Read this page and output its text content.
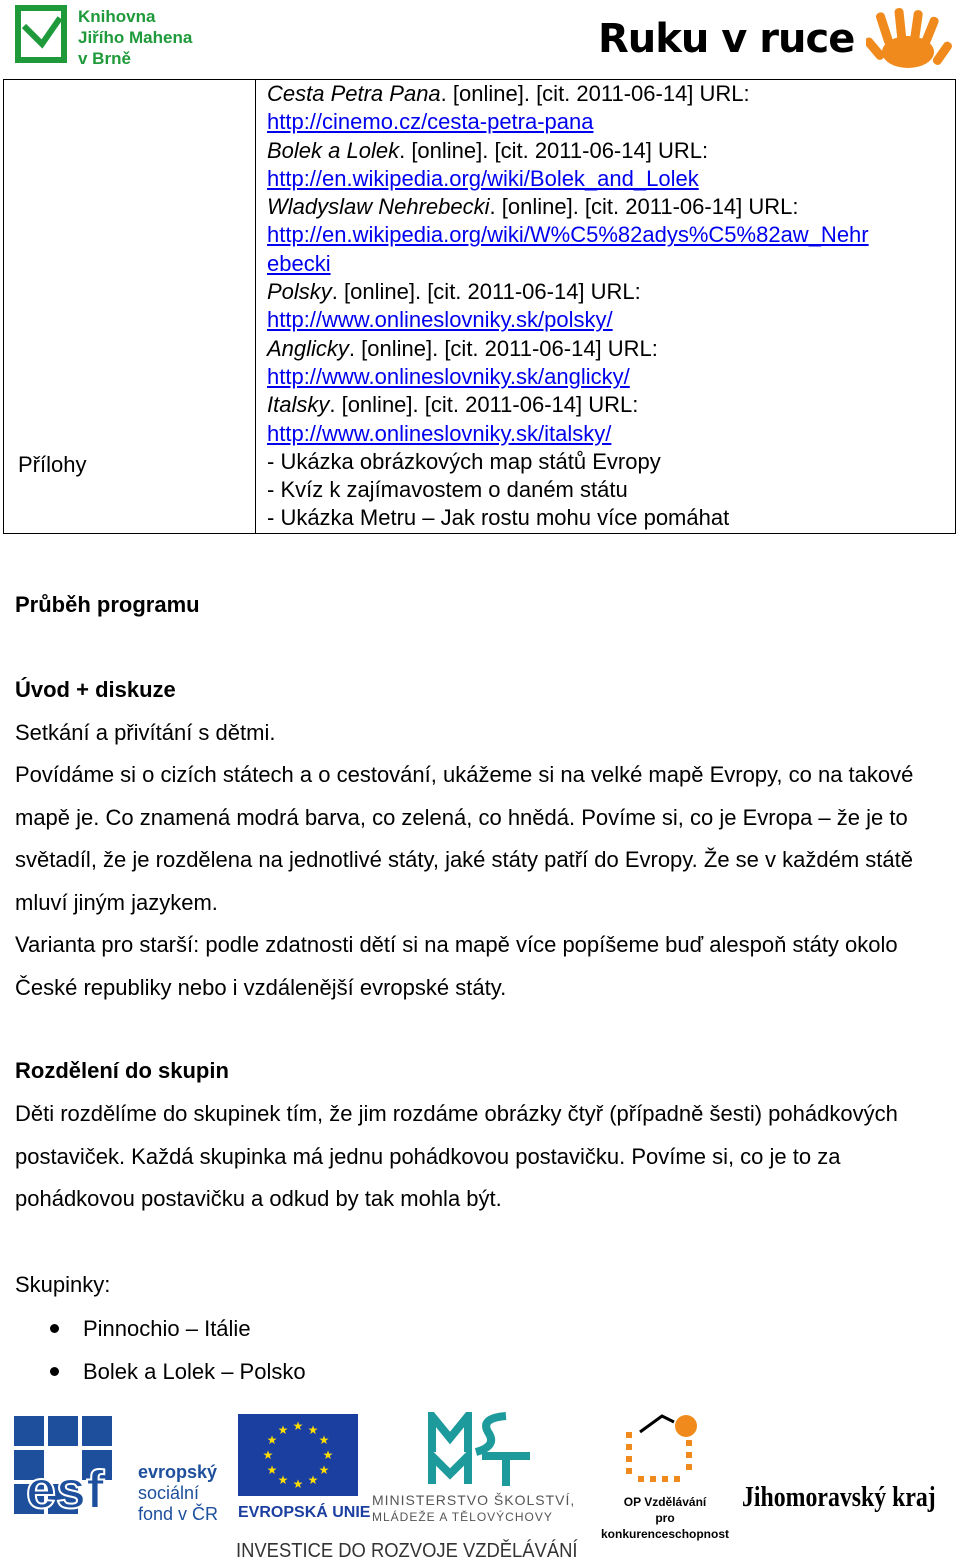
Knihovna
Jiřího Mahena
v Brně	Ruku v ruce
Přílohy
Cesta Petra Pana. [online]. [cit. 2011-06-14] URL:
http://cinemo.cz/cesta-petra-pana
Bolek a Lolek. [online]. [cit. 2011-06-14] URL:
http://en.wikipedia.org/wiki/Bolek_and_Lolek
Wladyslaw Nehrebecki. [online]. [cit. 2011-06-14] URL:
http://en.wikipedia.org/wiki/W%C5%82adys%C5%82aw_Nehr
ebecki
Polsky. [online]. [cit. 2011-06-14] URL:
http://www.onlineslovniky.sk/polsky/
Anglicky. [online]. [cit. 2011-06-14] URL:
http://www.onlineslovniky.sk/anglicky/
Italsky. [online]. [cit. 2011-06-14] URL:
http://www.onlineslovniky.sk/italsky/
- Ukázka obrázkových map států Evropy
- Kvíz k zajímavostem o daném státu
- Ukázka Metru – Jak rostu mohu více pomáhat
Průběh programu
Úvod + diskuze
Setkání a přivítání s dětmi.
Povídáme si o cizích státech a o cestování, ukážeme si na velké mapě Evropy, co na takové mapě je. Co znamená modrá barva, co zelená, co hnědá. Povíme si, co je Evropa – že je to světadíl, že je rozdělena na jednotlivé státy, jaké státy patří do Evropy. Že se v každém státě mluví jiným jazykem.
Varianta pro starší: podle zdatnosti dětí si na mapě více popíšeme buď alespoň státy okolo České republiky nebo i vzdálenější evropské státy.
Rozdělení do skupin
Děti rozdělíme do skupinek tím, že jim rozdáme obrázky čtyř (případně šesti) pohádkových postaviček. Každá skupinka má jednu pohádkovou postavičku. Povíme si, co je to za pohádkovou postavičku a odkud by tak mohla být.
Skupinky:
Pinnochio – Itálie
Bolek a Lolek – Polsko
esf evropský
sociální
fond v ČR
★ ★
★
★
★
★
★
★
★
★
★
★
EVROPSKÁ UNIE
MINISTERSTVO ŠKOLSTVÍ,
MLÁDEŽE A TĚLOVÝCHOVY
OP Vzdělávání
pro konkurenceschopnost
Jihomoravský kraj
INVESTICE DO ROZVOJE VZDĚLÁVÁNÍ
